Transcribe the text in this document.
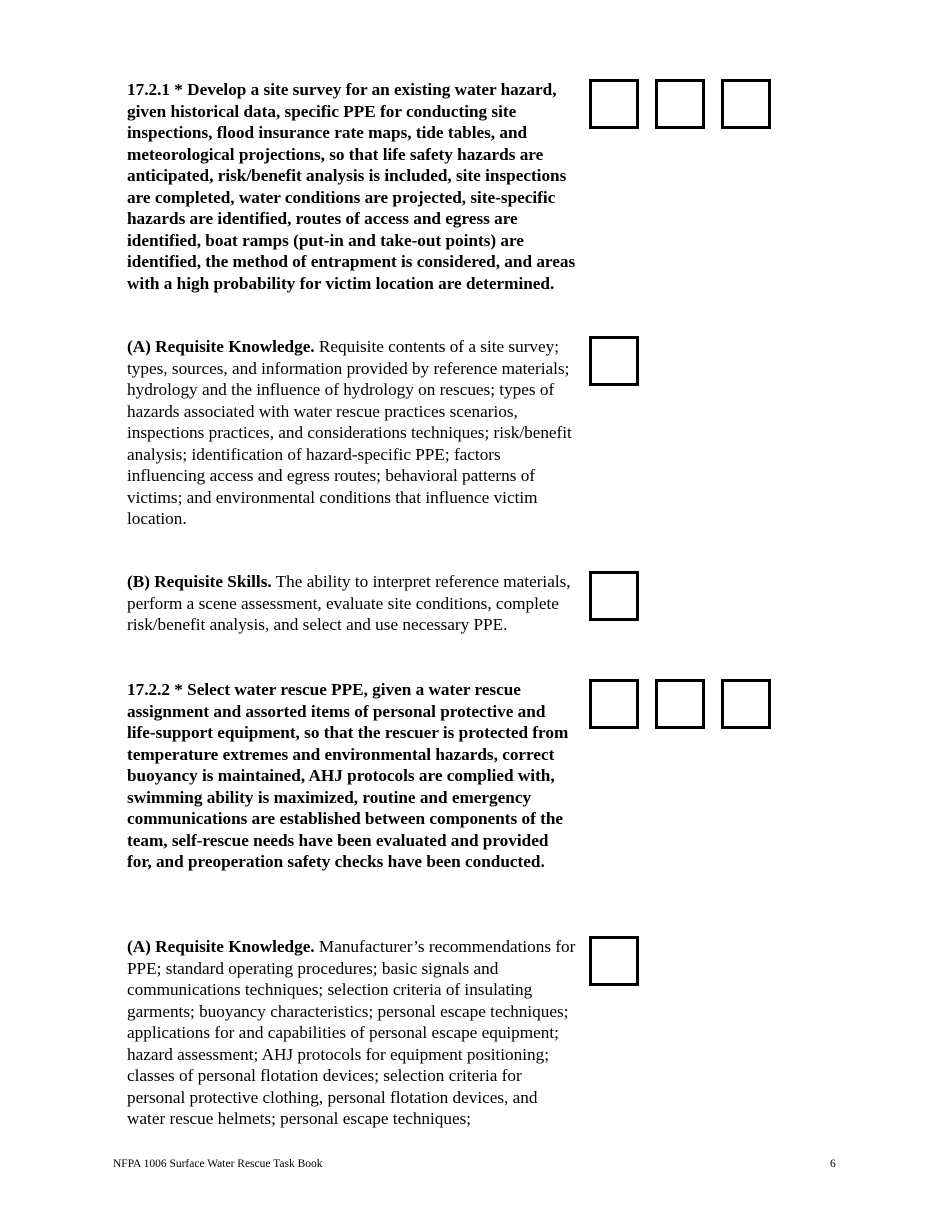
17.2.1 * Develop a site survey for an existing water hazard, given historical data, specific PPE for conducting site inspections, flood insurance rate maps, tide tables, and meteorological projections, so that life safety hazards are anticipated, risk/benefit analysis is included, site inspections are completed, water conditions are projected, site-specific hazards are identified, routes of access and egress are identified, boat ramps (put-in and take-out points) are identified, the method of entrapment is considered, and areas with a high probability for victim location are determined.
(A) Requisite Knowledge. Requisite contents of a site survey; types, sources, and information provided by reference materials; hydrology and the influence of hydrology on rescues; types of hazards associated with water rescue practices scenarios, inspections practices, and considerations techniques; risk/benefit analysis; identification of hazard-specific PPE; factors influencing access and egress routes; behavioral patterns of victims; and environmental conditions that influence victim location.
(B) Requisite Skills. The ability to interpret reference materials, perform a scene assessment, evaluate site conditions, complete risk/benefit analysis, and select and use necessary PPE.
17.2.2 * Select water rescue PPE, given a water rescue assignment and assorted items of personal protective and life-support equipment, so that the rescuer is protected from temperature extremes and environmental hazards, correct buoyancy is maintained, AHJ protocols are complied with, swimming ability is maximized, routine and emergency communications are established between components of the team, self-rescue needs have been evaluated and provided for, and preoperation safety checks have been conducted.
(A) Requisite Knowledge. Manufacturer’s recommendations for PPE; standard operating procedures; basic signals and communications techniques; selection criteria of insulating garments; buoyancy characteristics; personal escape techniques; applications for and capabilities of personal escape equipment; hazard assessment; AHJ protocols for equipment positioning; classes of personal flotation devices; selection criteria for personal protective clothing, personal flotation devices, and water rescue helmets; personal escape techniques;
NFPA 1006 Surface Water Rescue Task Book	6
